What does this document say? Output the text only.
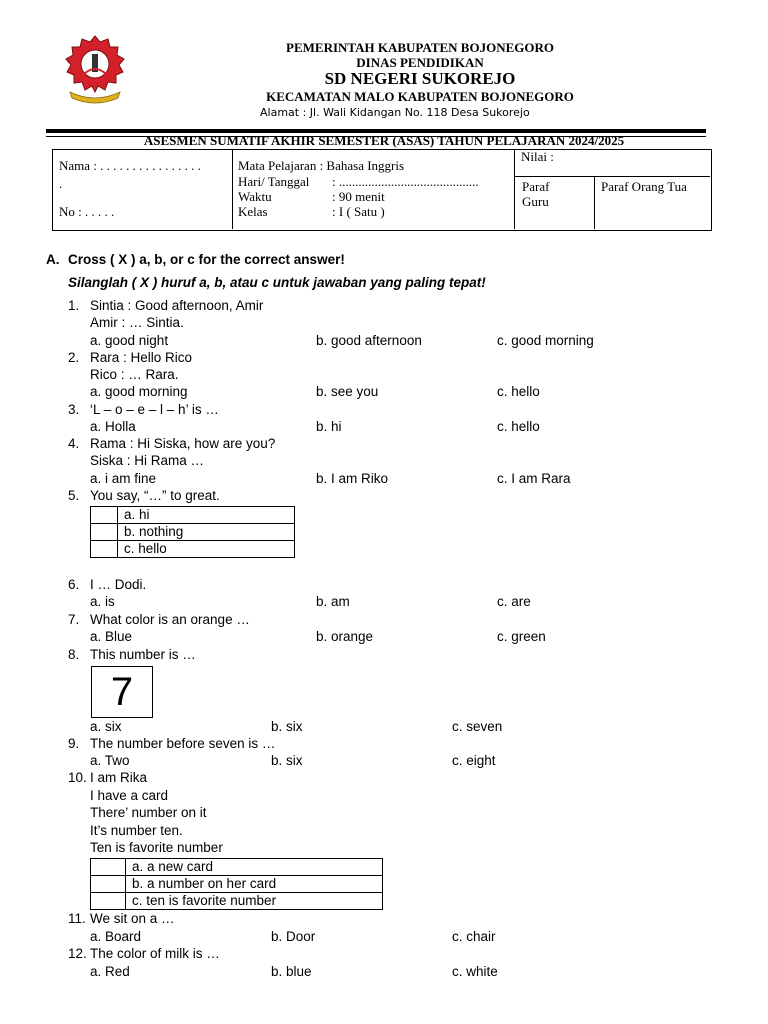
PEMERINTAH KABUPATEN BOJONEGORO
DINAS PENDIDIKAN
SD NEGERI SUKOREJO
KECAMATAN MALO KABUPATEN BOJONEGORO
Alamat : Jl. Wali Kidangan No. 118 Desa Sukorejo
ASESMEN SUMATIF AKHIR SEMESTER (ASAS) TAHUN PELAJARAN 2024/2025
Nama : . . . . . . . . . . . . . . . .
.
No : . . . . .
Mata Pelajaran : Bahasa Inggris
Hari/ Tanggal : ...........................................
Waktu	: 90 menit
Kelas	: I ( Satu )
Nilai :
Paraf
Guru
Paraf Orang Tua
A. Cross ( X ) a, b, or c for the correct answer!
Silanglah ( X ) huruf a, b, atau c untuk jawaban yang paling tepat!
1. Sintia : Good afternoon, Amir
Amir : … Sintia.
a. good night	b. good afternoon	c. good morning
2. Rara : Hello Rico
Rico : … Rara.
a. good morning	b. see you	c. hello
3. ‘L – o – e – l – h’ is …
a. Holla	b. hi	c. hello
4. Rama : Hi Siska, how are you?
Siska : Hi Rama …
a. i am fine	b. I am Riko	c. I am Rara
5. You say, “…” to great.
	a. hi
	b. nothing
	c. hello
6. I … Dodi.
a. is	b. am	c. are
7. What color is an orange …
a. Blue	b. orange	c. green
8. This number is …
7
a. six	b. six	c. seven
9. The number before seven is …
a. Two	b. six	c. eight
10. I am Rika
I have a card
There’ number on it
It’s number ten.
Ten is favorite number
	a. a new card
	b. a number on her card
	c. ten is favorite number
11. We sit on a …
a. Board	b. Door	c. chair
12. The color of milk is …
a. Red	b. blue	c. white
